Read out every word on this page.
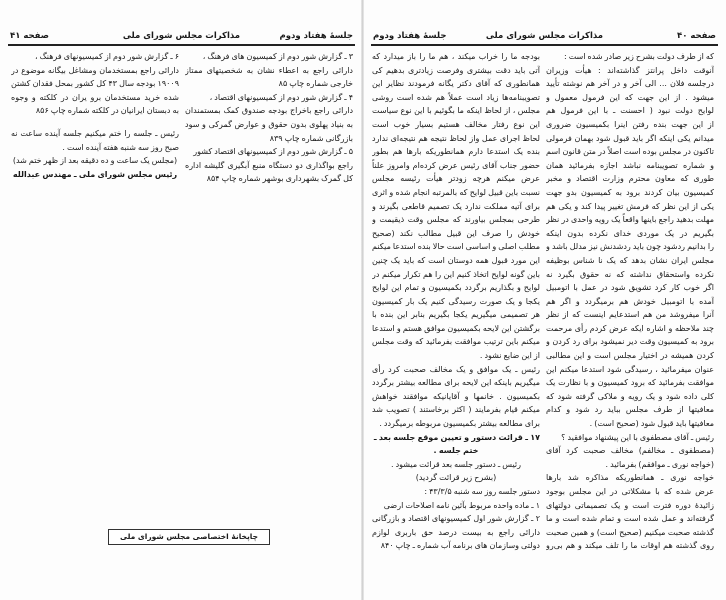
جلسهٔ هفتاد ودوم
مذاکرات مجلس شورای ملی
صفحه ۴۱
۳ ـ گزارش شور دوم از کمیسیون های فرهنگ ،
دارائی راجع به اعطاء نشان به شخصیتهای ممتاز
خارجی شماره چاپ ۸۵
۴ ـ گزارش شور دوم از کمیسیونهای اقتصاد ،
دارائی راجع باخراج بودجه صندوق کمک بمستمندان
به بنیاد پهلوی بدون حقوق و عوارض گمرکی و سود
بازرگانی شماره چاپ ۸۳۹
۵ ـ گزارش شور دوم از کمیسیونهای اقتصاد کشور
راجع بواگذاری دو دستگاه منبع آبگیری گلیشه اداره
کل گمرک بشهرداری بوشهر شماره چاپ ۸۵۴
۶ ـ گزارش شور دوم از کمیسیونهای فرهنگ ،
دارائی راجع بمستخدمان ومشاغل بیگانه موضوع در
۱۹۰۰۹ بودجه سال ۴۳ کل کشور بمحل فقدان کشتن
شده خرید مستخدمان برو یران در کلکته و وجوه
به دبستان ایرانیان در کلکته شماره چاپ ۸۵۶
رئیس ـ جلسه را ختم میکنیم جلسه آینده ساعت نه
صبح روز سه شنبه هفته آینده است .
(مجلس یک ساعت و ده دقیقه بعد از ظهر ختم شد)
رئیس مجلس شورای ملی ـ مهندس عبدالله
چاپخانهٔ اختصاصی مجلس شورای ملی
صفحه ۴۰
مذاکرات مجلس شورای ملی
جلسهٔ هفتاد ودوم
که از طرف دولت بشرح زیر صادر شده است :
آنوقت داخل پرانتز گذاشته‌اند : هیأت وزیران
درجلسه فلان ... الی آخر و در آخر هم نوشته تأیید
میشود . از این جهت که این فرمول معمول و
لوایح دولت نبود ( احسنت ـ با این فرمول هم
از این جهت بنده رفتن اینرا بکمیسیون ضروری
میدانم یکی اینکه اگر باید قبول شود بهمان فرمولی
تاکنون در مجلس بوده است اصلاً در متن قانون اسم
و شماره تصویبنامه نباشد اجازه بفرمائید همان
طوری که معاون محترم وزارت اقتصاد و مخبر
کمیسیون بیان کردند برود به کمیسیون بدو جهت
یکی از این نظر که فرمش تغییر پیدا کند و یکی هم
مهلت بدهید راجع باینها واقعاً یک رویه واحدی در نظر
بگیریم در یک موردی خدای نکرده بدون اینکه
را بدانیم ردشود چون باید ردشدنش نیز مدلل باشد و
مجلس ایران نشان بدهد که یک نا شناس بوظیفه
نکرده واستحقاق نداشته که نه حقوق بگیرد نه
اگر خوب کار کرد تشویق شود در عمل با اتومبیل
آمده با اتومبیل خودش هم برمیگردد و اگر هم
آنرا میفروشد من هم استدعایم اینست که از نظر
چند ملاحظه و اشاره ایکه عرض کردم رأی مرحمت
برود به کمیسیون وقت دیر نمیشود برای رد کردن و
کردن همیشه در اختیار مجلس است و این مطالبی
عنوان میفرمائید ، رسیدگی شود استدعا میکنم این
موافقت بفرمائید که برود کمیسیون و با نظارت یک
کلی داده شود و یک رویه و ملاکی گرفته شود که
معافیتها از طرف مجلس بباید رد شود و کدام
معافیتها باید قبول شود (صحیح است) .
رئیس ـ آقای مصطفوی با این پیشنهاد موافقید ؟
(مصطفوی ـ مخالفم) مخالف صحبت کرد آقای
(خواجه نوری ـ موافقم) بفرمائید .
خواجه نوری ـ همانطوریکه مذاکره شد بارها
عرض شده که با مشکلاتی در این مجلس بوجود
زائیدهٔ دوره فترت است و یک تصمیماتی دولتهای
گرفته‌اند و عمل شده است و تمام شده است و ما
گذشته صحبت میکنیم (صحیح است) و همین صحبت
روی گذشته هم اوقات ما را تلف میکند و هم بی‌رو
بودجه ما را خراب میکند ، هم ما را باز میدارد که
آتی باید دقت بیشتری وفرصت زیادتری بدهیم کی
همانطوری که آقای دکتر یگانه فرمودند نظایر این
تصویبنامه‌ها زیاد است عملاً هم شده است روشی
مجلس ، از لحاظ اینکه ما بگوئیم با این نوع سیاست
این نوع رفتار مخالف هستیم بسیار خوب است
لحاظ اجرای عمل واز لحاظ نتیجه هم نتیجه‌ای ندارد
بنده یک استدعا دارم همانطوریکه بارها هم بطور
حضور جناب آقای رئیس عرض کرده‌ام وامروز علناً
عرض میکنم هرچه زودتر هیأت رئیسه مجلس
نسبت باین قبیل لوایح که بالمرتبه انجام شده و اثری
برای آتیه مملکت ندارد یک تصمیم قاطعی بگیرند و
طرحی بمجلس بیاورند که مجلس وقت ذیقیمت و
خودش را صرف این قبیل مطالب نکند (صحیح
مطلب اصلی و اساسی است حالا بنده استدعا میکنم
این مورد قبول همه دوستان است که باید یک چنین
باین گونه لوایح اتخاذ کنیم این را هم تکرار میکنم در
لوایح و بگذاریم برگردد بکمیسیون و تمام این لوایح
یکجا و یک صورت رسیدگی کنیم یک بار کمیسیون
هر تصمیمی میگیریم یکجا بگیریم بنابر این بنده با
برگشتن این لایحه بکمیسیون موافق هستم و استدعا
میکنم باین ترتیب موافقت بفرمائید که وقت مجلس
از این ضایع نشود .
رئیس ـ یک موافق و یک مخالف صحبت کرد رأی
میگیریم باینکه این لایحه برای مطالعه بیشتر برگردد
بکمیسیون . خانمها و آقایانیکه موافقند خواهش
میکنم قیام بفرمایند ( اکثر برخاستند ) تصویب شد
برای مطالعه بیشتر بکمیسیون مربوطه برمیگردد .
۱۷ ـ قرائت دستور و تعیین موقع جلسه بعد ـ
ختم جلسه .
رئیس ـ دستور جلسه بعد قرائت میشود .
(بشرح زیر قرائت گردید)
دستور جلسه روز سه شنبه ۴۳/۳/۵ :
۱ ـ ماده واحده مربوط بآئین نامه اصلاحات ارضی
۲ ـ گزارش شور اول کمیسیونهای اقتصاد و بازرگانی
دارائی راجع به بیست درصد حق باربری لوازم
دولتی وسازمان های برنامه آب شماره ـ چاپ ۸۴۰
